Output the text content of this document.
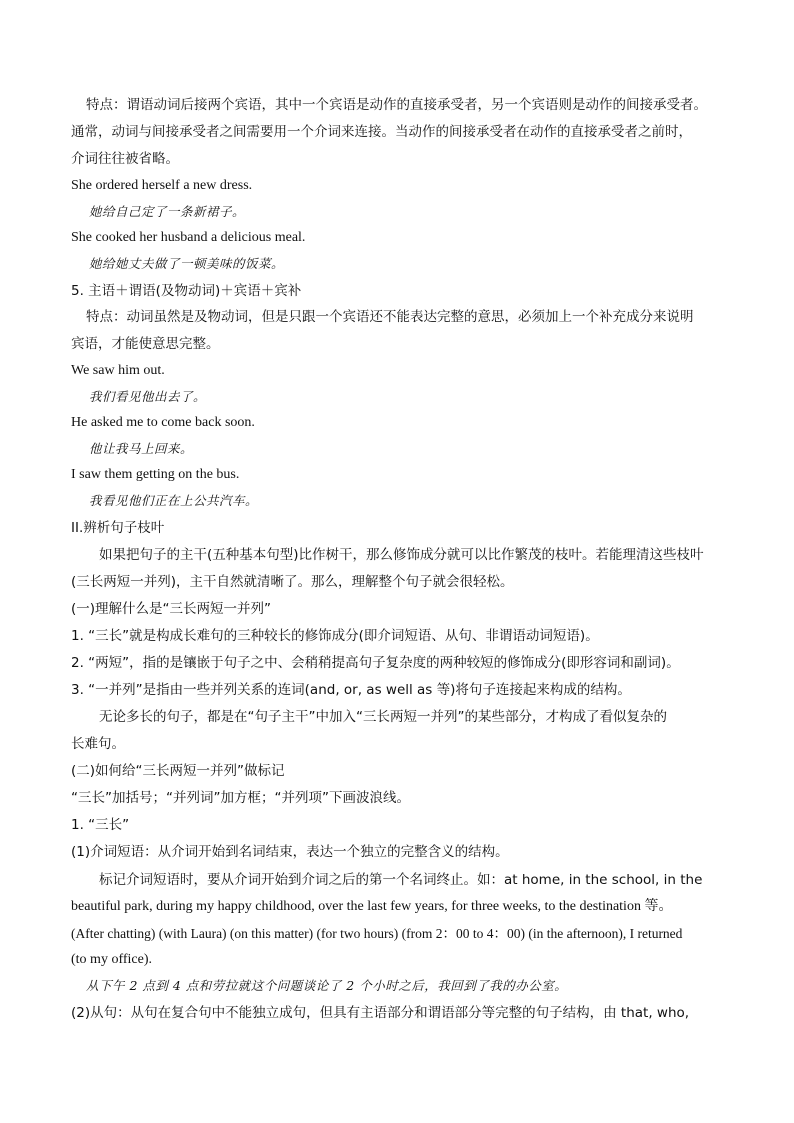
特点：谓语动词后接两个宾语，其中一个宾语是动作的直接承受者，另一个宾语则是动作的间接承受者。
通常，动词与间接承受者之间需要用一个介词来连接。当动作的间接承受者在动作的直接承受者之前时，
介词往往被省略。
She ordered herself a new dress.
她给自己定了一条新裙子。
She cooked her husband a delicious meal.
她给她丈夫做了一顿美味的饭菜。
5. 主语＋谓语(及物动词)＋宾语＋宾补
特点：动词虽然是及物动词，但是只跟一个宾语还不能表达完整的意思，必须加上一个补充成分来说明
宾语，才能使意思完整。
We saw him out.
我们看见他出去了。
He asked me to come back soon.
他让我马上回来。
I saw them getting on the bus.
我看见他们正在上公共汽车。
II.辨析句子枝叶
如果把句子的主干(五种基本句型)比作树干，那么修饰成分就可以比作繁茂的枝叶。若能理清这些枝叶
(三长两短一并列)，主干自然就清晰了。那么，理解整个句子就会很轻松。
(一)理解什么是“三长两短一并列”
1. “三长”就是构成长难句的三种较长的修饰成分(即介词短语、从句、非谓语动词短语)。
2. “两短”，指的是镶嵌于句子之中、会稍稍提高句子复杂度的两种较短的修饰成分(即形容词和副词)。
3. “一并列”是指由一些并列关系的连词(and, or, as well as 等)将句子连接起来构成的结构。
无论多长的句子，都是在“句子主干”中加入“三长两短一并列”的某些部分，才构成了看似复杂的
长难句。
(二)如何给“三长两短一并列”做标记
“三长”加括号；“并列词”加方框；“并列项”下画波浪线。
1. “三长”
(1)介词短语：从介词开始到名词结束，表达一个独立的完整含义的结构。
标记介词短语时，要从介词开始到介词之后的第一个名词终止。如：at home, in the school, in the
beautiful park, during my happy childhood, over the last few years, for three weeks, to the destination 等。
(After chatting) (with Laura) (on this matter) (for two hours) (from 2：00 to 4：00) (in the afternoon), I returned
(to my office).
从下午 2 点到 4 点和劳拉就这个问题谈论了 2 个小时之后，我回到了我的办公室。
(2)从句：从句在复合句中不能独立成句，但具有主语部分和谓语部分等完整的句子结构，由 that, who,
